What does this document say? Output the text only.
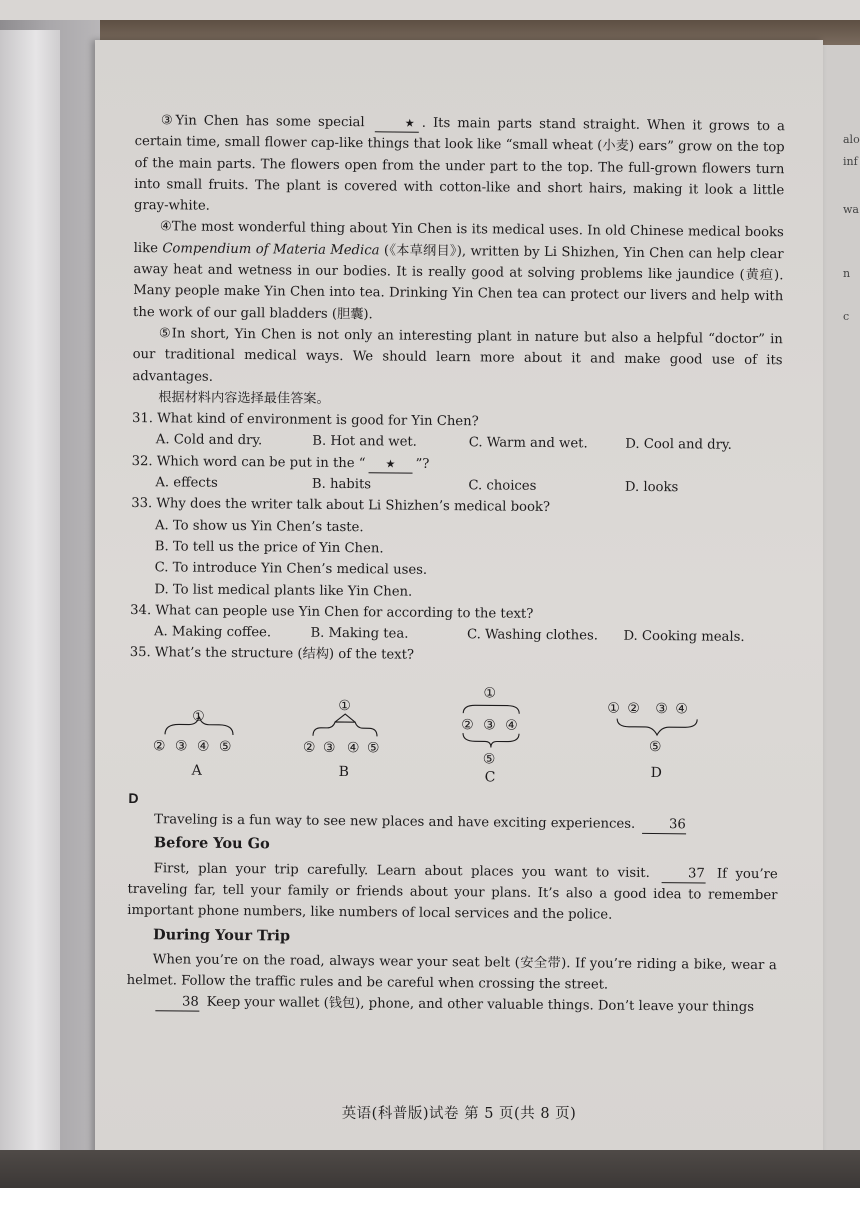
alo
inf
wa
n
c

③Yin Chen has some special	★ . Its main parts stand straight. When it grows to a certain time, small flower cap-like things that look like “small wheat (小麦) ears” grow on the top of the main parts. The flowers open from the under part to the top. The full-grown flowers turn into small fruits. The plant is covered with cotton-like and short hairs, making it look a little gray-white.

④The most wonderful thing about Yin Chen is its medical uses. In old Chinese medical books like Compendium of Materia Medica (《本草纲目》), written by Li Shizhen, Yin Chen can help clear away heat and wetness in our bodies. It is really good at solving problems like jaundice (黄疸). Many people make Yin Chen into tea. Drinking Yin Chen tea can protect our livers and help with the work of our gall bladders (胆囊).

⑤In short, Yin Chen is not only an interesting plant in nature but also a helpful “doctor” in our traditional medical ways. We should learn more about it and make good use of its advantages.

根据材料内容选择最佳答案。

31. What kind of environment is good for Yin Chen?

A. Cold and dry.	B. Hot and wet.	C. Warm and wet.	D. Cool and dry.

32. Which word can be put in the “ ★ ”?

A. effects	B. habits	C. choices	D. looks

33. Why does the writer talk about Li Shizhen’s medical book?

A. To show us Yin Chen’s taste.

B. To tell us the price of Yin Chen.

C. To introduce Yin Chen’s medical uses.

D. To list medical plants like Yin Chen.

34. What can people use Yin Chen for according to the text?

A. Making coffee.	B. Making tea.	C. Washing clothes.	D. Cooking meals.

35. What’s the structure (结构) of the text?

①
② ③ ④ ⑤
A
①
② ③ ④ ⑤
B
①
② ③ ④
⑤
C
① ② ③ ④
⑤
D

D

Traveling is a fun way to see new places and have exciting experiences.	36

Before You Go

First, plan your trip carefully. Learn about places you want to visit.	37 If you’re traveling far, tell your family or friends about your plans. It’s also a good idea to remember important phone numbers, like numbers of local services and the police.

During Your Trip

When you’re on the road, always wear your seat belt (安全带). If you’re riding a bike, wear a helmet. Follow the traffic rules and be careful when crossing the street.

38 Keep your wallet (钱包), phone, and other valuable things. Don’t leave your things

英语(科普版)试卷 第 5 页(共 8 页)
